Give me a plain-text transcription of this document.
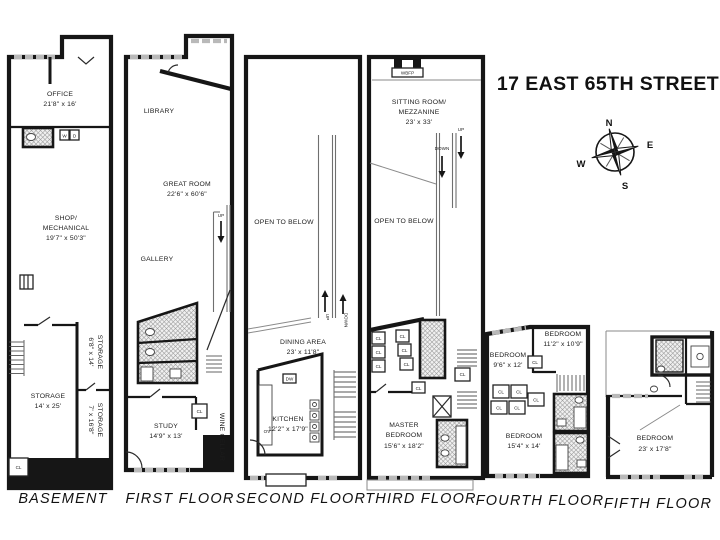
W D
CL
OFFICE
21'8" x 16'
SHOP/
MECHANICAL
19'7" x 50'3"
STORAGE
6'8" x 14'
STORAGE
14' x 25'	STORAGE
7' x 16'8"
BASEMENT
UP
CL
LIBRARY
GREAT ROOM
22'6" x 60'6"
GALLERY
STUDY
14'9" x 13'	WINE CELLAR
FIRST FLOOR
UP	DOWN
DW
OV
OPEN TO BELOW
DINING AREA
23' x 11'8"
KITCHEN
12'2" x 17'9"
SECOND FLOOR
WBFP
UP
DOWN
CL
CL
CL
CL
CL
CL
CL
CL
SITTING ROOM/
MEZZANINE
23' x 33'
OPEN TO BELOW
MASTER
BEDROOM
15'6" x 18'2"
THIRD FLOOR
CL
CL	CL
CL	CL
CL
BEDROOM
11'2" x 10'9"
BEDROOM
9'6" x 12'
BEDROOM
15'4" x 14'
FOURTH FLOOR
BEDROOM
23' x 17'8"
FIFTH FLOOR
17 EAST 65TH STREET
N
E
W
S
